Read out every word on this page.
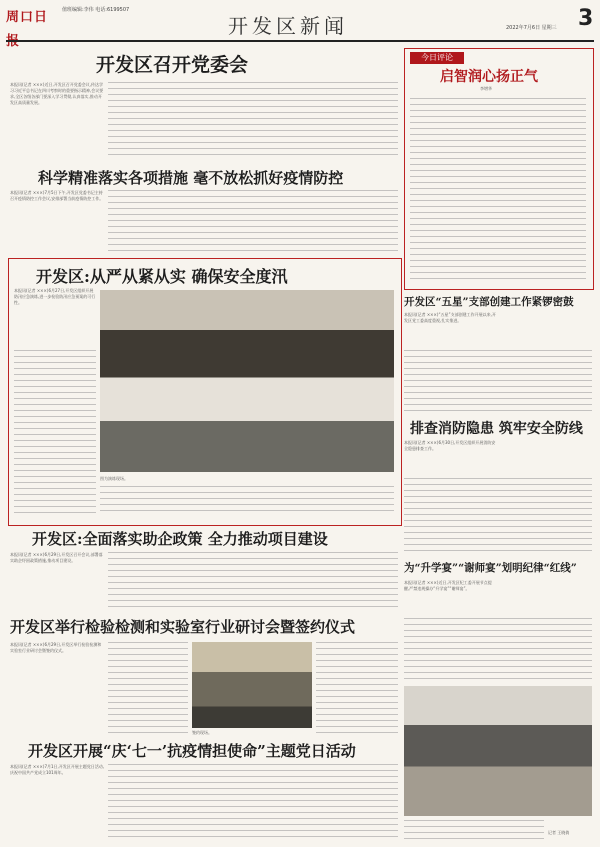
周口日	值班编辑:李伟 电话:6199507
开发区新闻	2022年7月6日 星期三 3
开发区召开党委会
本报讯(记者 ×××)近日,开发区召开党委会议,传达学习习近平总书记在四川考察时的重要指示精神,会议要求,全区各级各部门要深入学习贯彻,认真落实,推动开发区高质量发展。
科学精准落实各项措施 毫不放松抓好疫情防控
本报讯(记者 ×××)7月5日下午,开发区党委书记主持召开疫情防控工作会议,安排部署当前疫情防控工作。
开发区:从严从紧从实 确保安全度汛
本报讯(记者 ×××)6月27日,开发区组织开展防汛应急演练,进一步检验防汛应急预案的可行性。
图为演练现场。
开发区:全面落实助企政策 全力推动项目建设
本报讯(记者 ×××)6月29日,开发区召开会议,部署落实助企纾困政策措施,推动项目建设。
开发区举行检验检测和实验室行业研讨会暨签约仪式
本报讯(记者 ×××)6月29日,开发区举行检验检测和实验室行业研讨会暨签约仪式。
签约现场。
开发区开展“庆‘七一’抗疫情担使命”主题党日活动
本报讯(记者 ×××)7月1日,开发区开展主题党日活动,庆祝中国共产党成立101周年。
今日评论
启智润心扬正气
李增华
开发区“五星”支部创建工作紧锣密鼓
本报讯(记者 ×××)“五星”支部创建工作开展以来,开发区党工委高度重视,扎实推进。
排查消防隐患 筑牢安全防线
本报讯(记者 ×××)6月30日,开发区组织开展消防安全隐患排查工作。
为“升学宴”“谢师宴”划明纪律“红线”
本报讯(记者 ×××)近日,开发区纪工委开展节点提醒,严禁违规操办“升学宴”“谢师宴”。
记者 王晓倩
